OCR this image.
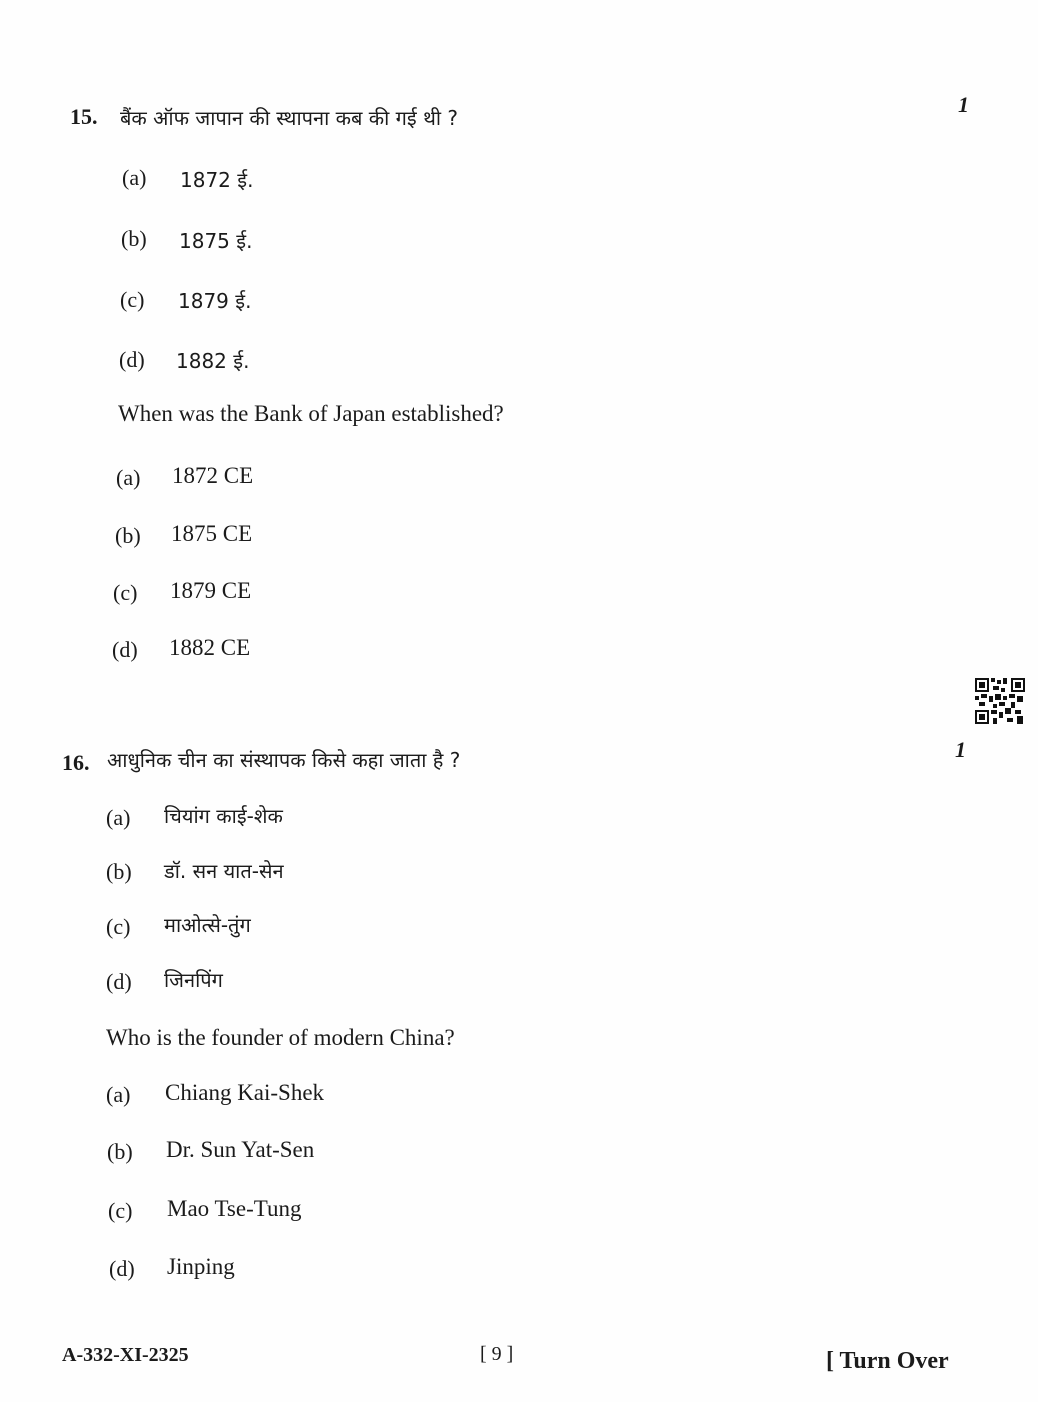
15. बैंक ऑफ जापान की स्थापना कब की गई थी ?
1
(a) 1872 ई.
(b) 1875 ई.
(c) 1879 ई.
(d) 1882 ई.
When was the Bank of Japan established?
(a) 1872 CE
(b) 1875 CE
(c) 1879 CE
(d) 1882 CE
16. आधुनिक चीन का संस्थापक किसे कहा जाता है ?	1
(a) चियांग काई-शेक
(b) डॉ. सन यात-सेन
(c) माओत्से-तुंग
(d) जिनपिंग
Who is the founder of modern China?
(a) Chiang Kai-Shek
(b) Dr. Sun Yat-Sen
(c) Mao Tse-Tung
(d) Jinping
A-332-XI-2325	[ 9 ]	[ Turn Over
